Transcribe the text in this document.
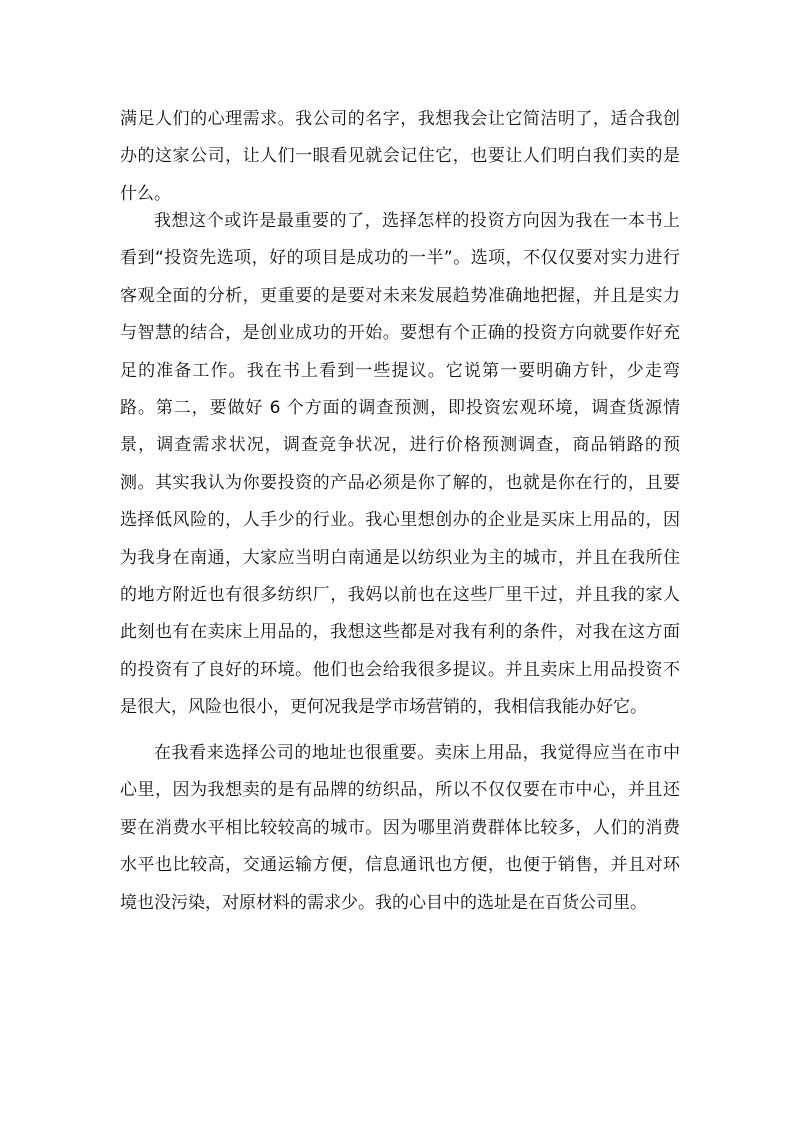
满足人们的心理需求。我公司的名字，我想我会让它简洁明了，适合我创办的这家公司，让人们一眼看见就会记住它，也要让人们明白我们卖的是什么。

我想这个或许是最重要的了，选择怎样的投资方向因为我在一本书上看到“投资先选项，好的项目是成功的一半”。选项，不仅仅要对实力进行客观全面的分析，更重要的是要对未来发展趋势准确地把握，并且是实力与智慧的结合，是创业成功的开始。要想有个正确的投资方向就要作好充足的准备工作。我在书上看到一些提议。它说第一要明确方针，少走弯路。第二，要做好 6 个方面的调查预测，即投资宏观环境，调查货源情景，调查需求状况，调查竞争状况，进行价格预测调查，商品销路的预测。其实我认为你要投资的产品必须是你了解的，也就是你在行的，且要选择低风险的，人手少的行业。我心里想创办的企业是买床上用品的，因为我身在南通，大家应当明白南通是以纺织业为主的城市，并且在我所住的地方附近也有很多纺织厂，我妈以前也在这些厂里干过，并且我的家人此刻也有在卖床上用品的，我想这些都是对我有利的条件，对我在这方面的投资有了良好的环境。他们也会给我很多提议。并且卖床上用品投资不是很大，风险也很小，更何况我是学市场营销的，我相信我能办好它。

在我看来选择公司的地址也很重要。卖床上用品，我觉得应当在市中心里，因为我想卖的是有品牌的纺织品，所以不仅仅要在市中心，并且还要在消费水平相比较较高的城市。因为哪里消费群体比较多，人们的消费水平也比较高，交通运输方便，信息通讯也方便，也便于销售，并且对环境也没污染，对原材料的需求少。我的心目中的选址是在百货公司里。
